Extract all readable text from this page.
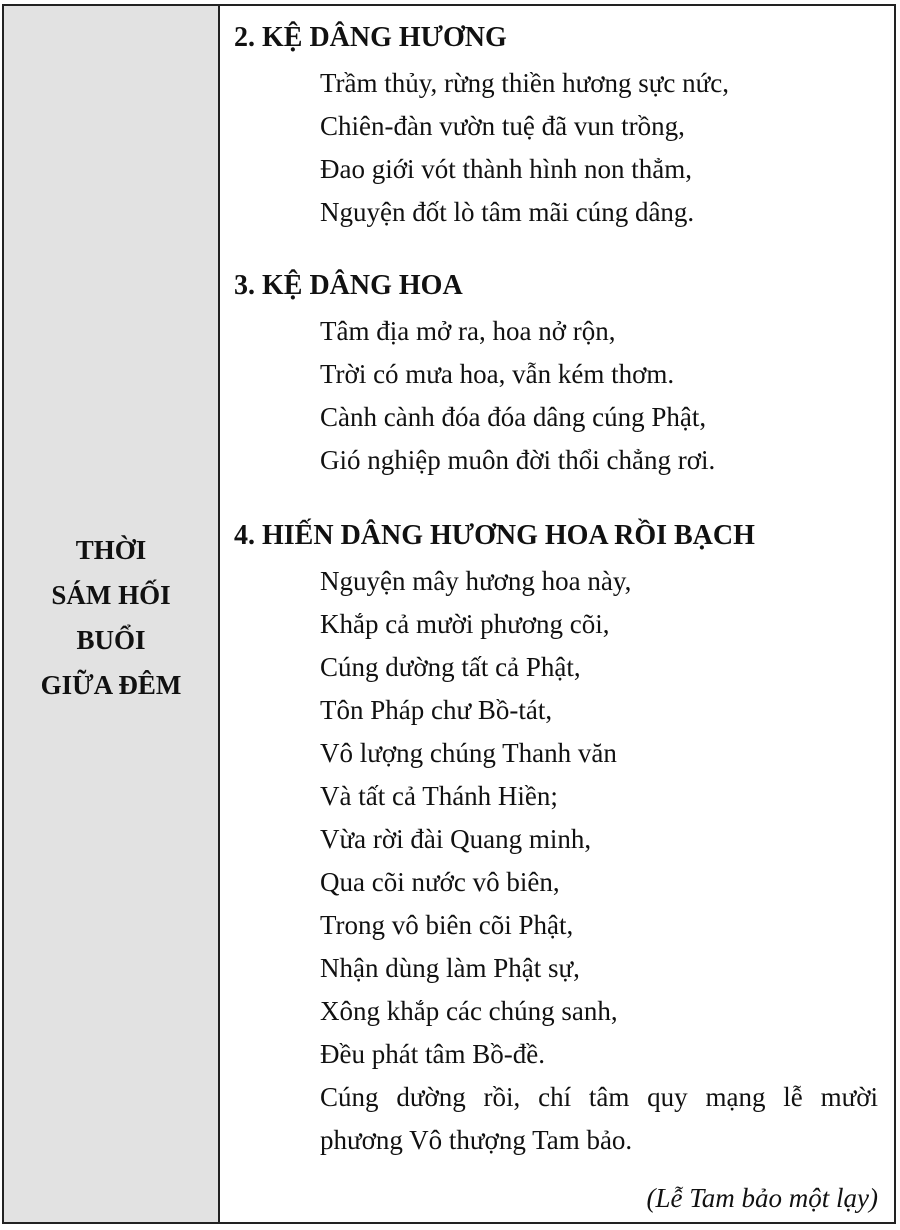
THỜI
SÁM HỐI
BUỔI
GIỮA ĐÊM
2. KỆ DÂNG HƯƠNG
Trầm thủy, rừng thiền hương sực nức,
Chiên-đàn vườn tuệ đã vun trồng,
Đao giới vót thành hình non thẳm,
Nguyện đốt lò tâm mãi cúng dâng.
3. KỆ DÂNG HOA
Tâm địa mở ra, hoa nở rộn,
Trời có mưa hoa, vẫn kém thơm.
Cành cành đóa đóa dâng cúng Phật,
Gió nghiệp muôn đời thổi chẳng rơi.
4. HIẾN DÂNG HƯƠNG HOA RỒI BẠCH
Nguyện mây hương hoa này,
Khắp cả mười phương cõi,
Cúng dường tất cả Phật,
Tôn Pháp chư Bồ-tát,
Vô lượng chúng Thanh văn
Và tất cả Thánh Hiền;
Vừa rời đài Quang minh,
Qua cõi nước vô biên,
Trong vô biên cõi Phật,
Nhận dùng làm Phật sự,
Xông khắp các chúng sanh,
Đều phát tâm Bồ-đề.
Cúng dường rồi, chí tâm quy mạng lễ mười phương Vô thượng Tam bảo.
(Lễ Tam bảo một lạy)
